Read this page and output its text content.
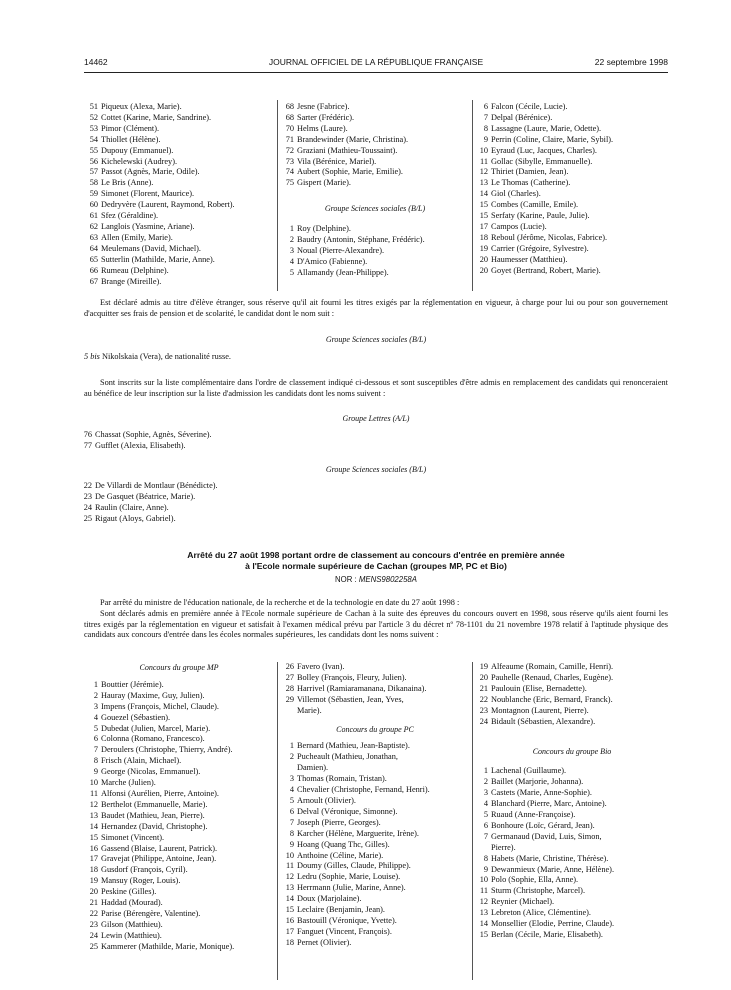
14462	JOURNAL OFFICIEL DE LA RÉPUBLIQUE FRANÇAISE	22 septembre 1998
51 Piqueux (Alexa, Marie).
52 Cottet (Karine, Marie, Sandrine).
53 Pimor (Clément).
54 Thiollet (Hélène).
55 Dupouy (Emmanuel).
56 Kichelewski (Audrey).
57 Passot (Agnès, Marie, Odile).
58 Le Bris (Anne).
59 Simonet (Florent, Maurice).
60 Dedryvère (Laurent, Raymond, Robert).
61 Sfez (Géraldine).
62 Langlois (Yasmine, Ariane).
63 Allen (Emily, Marie).
64 Meulemans (David, Michael).
65 Sutterlin (Mathilde, Marie, Anne).
66 Rumeau (Delphine).
67 Brange (Mireille).
68 Jesne (Fabrice).
68 Sarter (Frédéric).
70 Helms (Laure).
71 Brandewinder (Marie, Christina).
72 Graziani (Mathieu-Toussaint).
73 Vila (Bérénice, Mariel).
74 Aubert (Sophie, Marie, Emilie).
75 Gispert (Marie).
Groupe Sciences sociales (B/L)
1 Roy (Delphine).
2 Baudry (Antonin, Stéphane, Frédéric).
3 Noual (Pierre-Alexandre).
4 D'Amico (Fabienne).
5 Allamandy (Jean-Philippe).
6 Falcon (Cécile, Lucie).
7 Delpal (Bérénice).
8 Lassagne (Laure, Marie, Odette).
9 Perrin (Coline, Claire, Marie, Sybil).
10 Eyraud (Luc, Jacques, Charles).
11 Gollac (Sibylle, Emmanuelle).
12 Thiriet (Damien, Jean).
13 Le Thomas (Catherine).
14 Giol (Charles).
15 Combes (Camille, Emile).
15 Serfaty (Karine, Paule, Julie).
17 Campos (Lucie).
18 Reboul (Jérôme, Nicolas, Fabrice).
19 Carrier (Grégoire, Sylvestre).
20 Haumesser (Matthieu).
20 Goyet (Bertrand, Robert, Marie).
Est déclaré admis au titre d'élève étranger, sous réserve qu'il ait fourni les titres exigés par la réglementation en vigueur, à charge pour lui ou pour son gouvernement d'acquitter ses frais de pension et de scolarité, le candidat dont le nom suit :
Groupe Sciences sociales (B/L)
5 bis Nikolskaia (Vera), de nationalité russe.
Sont inscrits sur la liste complémentaire dans l'ordre de classement indiqué ci-dessous et sont susceptibles d'être admis en remplacement des candidats qui renonceraient au bénéfice de leur inscription sur la liste d'admission les candidats dont les noms suivent :
Groupe Lettres (A/L)
76 Chassat (Sophie, Agnès, Séverine).
77 Gufflet (Alexia, Elisabeth).
Groupe Sciences sociales (B/L)
22 De Villardi de Montlaur (Bénédicte).
23 De Gasquet (Béatrice, Marie).
24 Raulin (Claire, Anne).
25 Rigaut (Aloys, Gabriel).
Arrêté du 27 août 1998 portant ordre de classement au concours d'entrée en première année
à l'Ecole normale supérieure de Cachan (groupes MP, PC et Bio)
NOR : MENS9802258A
Par arrêté du ministre de l'éducation nationale, de la recherche et de la technologie en date du 27 août 1998 :
Sont déclarés admis en première année à l'Ecole normale supérieure de Cachan à la suite des épreuves du concours ouvert en 1998, sous réserve qu'ils aient fourni les titres exigés par la réglementation en vigueur et satisfait à l'examen médical prévu par l'article 3 du décret nº 78-1101 du 21 novembre 1978 relatif à l'aptitude physique des candidats aux concours d'entrée dans les écoles normales supérieures, les candidats dont les noms suivent :
Concours du groupe MP
1 Bouttier (Jérémie).
2 Hauray (Maxime, Guy, Julien).
3 Impens (François, Michel, Claude).
4 Gouezel (Sébastien).
5 Dubedat (Julien, Marcel, Marie).
6 Colonna (Romano, Francesco).
7 Deroulers (Christophe, Thierry, André).
8 Frisch (Alain, Michael).
9 George (Nicolas, Emmanuel).
10 Marche (Julien).
11 Alfonsi (Aurélien, Pierre, Antoine).
12 Berthelot (Emmanuelle, Marie).
13 Baudet (Mathieu, Jean, Pierre).
14 Hernandez (David, Christophe).
15 Simonet (Vincent).
16 Gassend (Blaise, Laurent, Patrick).
17 Gravejat (Philippe, Antoine, Jean).
18 Gusdorf (François, Cyril).
19 Mansuy (Roger, Louis).
20 Peskine (Gilles).
21 Haddad (Mourad).
22 Parise (Bérengère, Valentine).
23 Gilson (Matthieu).
24 Lewin (Matthieu).
25 Kammerer (Mathilde, Marie, Monique).
26 Favero (Ivan).
27 Bolley (François, Fleury, Julien).
28 Harrivel (Ramiaramanana, Dikanaina).
29 Villemot (Sébastien, Jean, Yves,
Marie).
Concours du groupe PC
1 Bernard (Mathieu, Jean-Baptiste).
2 Pucheault (Mathieu, Jonathan,
Damien).
3 Thomas (Romain, Tristan).
4 Chevalier (Christophe, Fernand, Henri).
5 Arnoult (Olivier).
6 Delval (Véronique, Simonne).
7 Joseph (Pierre, Georges).
8 Karcher (Hélène, Marguerite, Irène).
9 Hoang (Quang Thc, Gilles).
10 Anthoine (Céline, Marie).
11 Doumy (Gilles, Claude, Philippe).
12 Ledru (Sophie, Marie, Louise).
13 Herrmann (Julie, Marine, Anne).
14 Doux (Marjolaine).
15 Leclaire (Benjamin, Jean).
16 Bastouill (Véronique, Yvette).
17 Fanguet (Vincent, François).
18 Pernet (Olivier).
19 Alfeaume (Romain, Camille, Henri).
20 Pauhelle (Renaud, Charles, Eugène).
21 Paulouin (Elise, Bernadette).
22 Noublanche (Eric, Bernard, Franck).
23 Montagnon (Laurent, Pierre).
24 Bidault (Sébastien, Alexandre).
Concours du groupe Bio
1 Lachenal (Guillaume).
2 Baillet (Marjorie, Johanna).
3 Castets (Marie, Anne-Sophie).
4 Blanchard (Pierre, Marc, Antoine).
5 Ruaud (Anne-Françoise).
6 Bonhoure (Loïc, Gérard, Jean).
7 Germanaud (David, Luis, Simon,
Pierre).
8 Habets (Marie, Christine, Thérèse).
9 Dewanmieux (Marie, Anne, Hélène).
10 Polo (Sophie, Ella, Anne).
11 Sturm (Christophe, Marcel).
12 Reynier (Michael).
13 Lebreton (Alice, Clémentine).
14 Monsellier (Elodie, Perrine, Claude).
15 Berlan (Cécile, Marie, Elisabeth).
